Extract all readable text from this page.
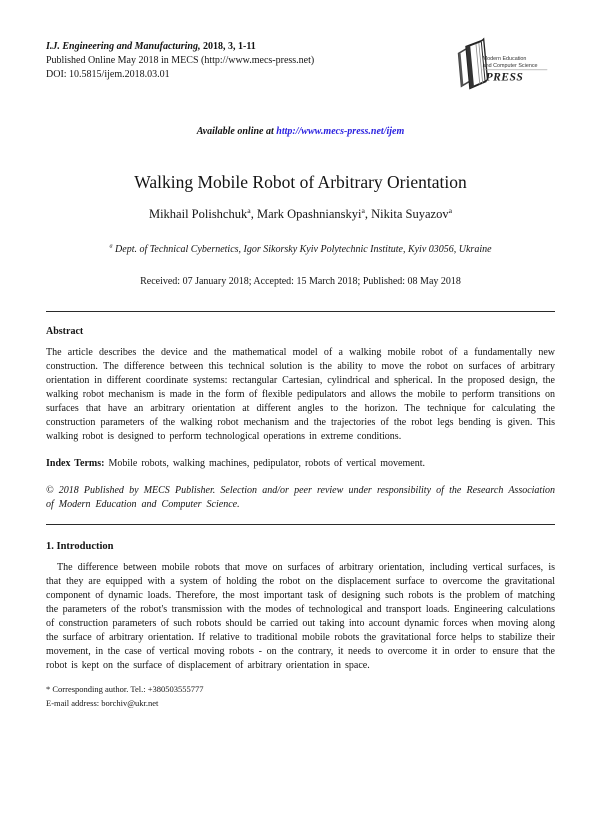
I.J. Engineering and Manufacturing, 2018, 3, 1-11
Published Online May 2018 in MECS (http://www.mecs-press.net)
DOI: 10.5815/ijem.2018.03.01
Modern Education
and Computer Science
PRESS
Available online at http://www.mecs-press.net/ijem
Walking Mobile Robot of Arbitrary Orientation
Mikhail Polishchuk$^a$, Mark Opashnianskyi$^a$, Nikita Suyazov$^a$
$^a$ Dept. of Technical Cybernetics, Igor Sikorsky Kyiv Polytechnic Institute, Kyiv 03056, Ukraine
Received: 07 January 2018; Accepted: 15 March 2018; Published: 08 May 2018
Abstract

The article describes the device and the mathematical model of a walking mobile robot of a fundamentally new construction. The difference between this technical solution is the ability to move the robot on surfaces of arbitrary orientation in different coordinate systems: rectangular Cartesian, cylindrical and spherical. In the proposed design, the walking robot mechanism is made in the form of flexible pedipulators and allows the mobile to perform transitions on surfaces that have an arbitrary orientation at different angles to the horizon. The technique for calculating the construction parameters of the walking robot mechanism and the trajectories of the robot legs bending is given. This walking robot is designed to perform technological operations in extreme conditions.

Index Terms: Mobile robots, walking machines, pedipulator, robots of vertical movement.

© 2018 Published by MECS Publisher. Selection and/or peer review under responsibility of the Research Association of Modern Education and Computer Science.

1. Introduction

The difference between mobile robots that move on surfaces of arbitrary orientation, including vertical surfaces, is that they are equipped with a system of holding the robot on the displacement surface to overcome the gravitational component of dynamic loads. Therefore, the most important task of designing such robots is the problem of matching the parameters of the robot's transmission with the modes of technological and transport loads. Engineering calculations of construction parameters of such robots should be carried out taking into account dynamic forces when moving along the surface of arbitrary orientation. If relative to traditional mobile robots the gravitational force helps to stabilize their movement, in the case of vertical moving robots - on the contrary, it needs to overcome it in order to ensure that the robot is kept on the surface of displacement of arbitrary orientation in space.

* Corresponding author. Tel.: +380503555777
E-mail address: borchiv@ukr.net
